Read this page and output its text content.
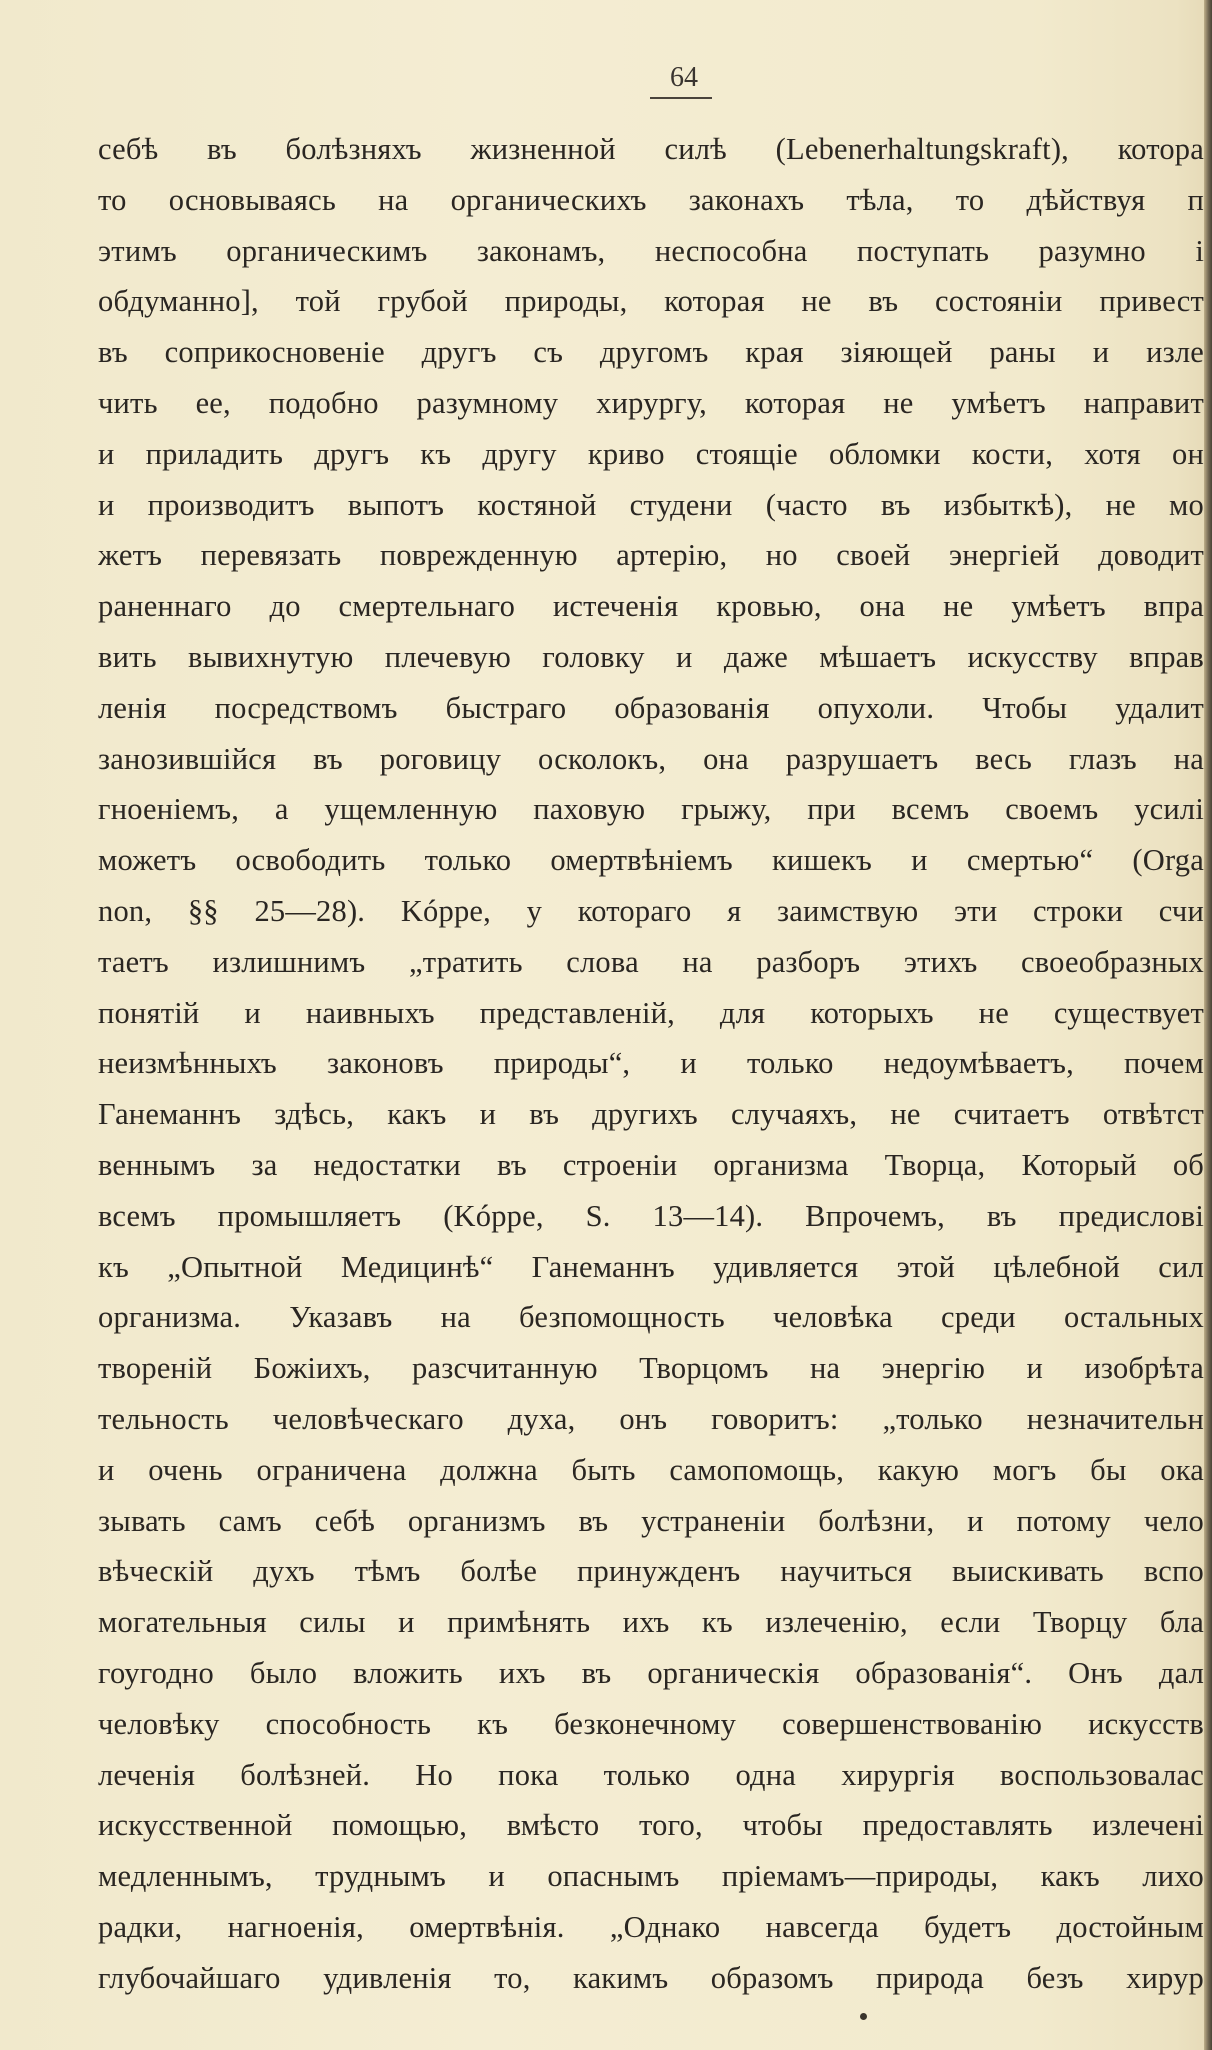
64
себѣ въ болѣзняхъ жизненной силѣ (Lebenerhaltungskraft), котора
то основываясь на органическихъ законахъ тѣла, то дѣйствуя п
этимъ органическимъ законамъ, неспособна поступать разумно і
обдуманно], той грубой природы, которая не въ состояніи привест
въ соприкосновеніе другъ съ другомъ края зіяющей раны и изле
чить ее, подобно разумному хирургу, которая не умѣетъ направит
и приладить другъ къ другу криво стоящіе обломки кости, хотя он
и производитъ выпотъ костяной студени (часто въ избыткѣ), не мо
жетъ перевязать поврежденную артерію, но своей энергіей доводит
раненнаго до смертельнаго истеченія кровью, она не умѣетъ впра
вить вывихнутую плечевую головку и даже мѣшаетъ искусству вправ
ленія посредствомъ быстраго образованія опухоли. Чтобы удалит
занозившійся въ роговицу осколокъ, она разрушаетъ весь глазъ на
гноеніемъ, а ущемленную паховую грыжу, при всемъ своемъ усилі
можетъ освободить только омертвѣніемъ кишекъ и смертью“ (Orga
non, §§ 25—28). Kóppe, у котораго я заимствую эти строки счи
таетъ излишнимъ „тратить слова на разборъ этихъ своеобразных
понятій и наивныхъ представленій, для которыхъ не существует
неизмѣнныхъ законовъ природы“, и только недоумѣваетъ, почем
Ганеманнъ здѣсь, какъ и въ другихъ случаяхъ, не считаетъ отвѣтст
веннымъ за недостатки въ строеніи организма Творца, Который об
всемъ промышляетъ (Kóppe, S. 13—14). Впрочемъ, въ предислові
къ „Опытной Медицинѣ“ Ганеманнъ удивляется этой цѣлебной сил
организма. Указавъ на безпомощность человѣка среди остальных
твореній Божіихъ, разсчитанную Творцомъ на энергію и изобрѣта
тельность человѣческаго духа, онъ говоритъ: „только незначительн
и очень ограничена должна быть самопомощь, какую могъ бы ока
зывать самъ себѣ организмъ въ устраненіи болѣзни, и потому чело
вѣческій духъ тѣмъ болѣе принужденъ научиться выискивать вспо
могательныя силы и примѣнять ихъ къ излеченію, если Творцу бла
гоугодно было вложить ихъ въ органическія образованія“. Онъ дал
человѣку способность къ безконечному совершенствованію искусств
леченія болѣзней. Но пока только одна хирургія воспользовалас
искусственной помощью, вмѣсто того, чтобы предоставлять излечені
медленнымъ, труднымъ и опаснымъ пріемамъ—природы, какъ лихо
радки, нагноенія, омертвѣнія. „Однако навсегда будетъ достойным
глубочайшаго удивленія то, какимъ образомъ природа безъ хирур
